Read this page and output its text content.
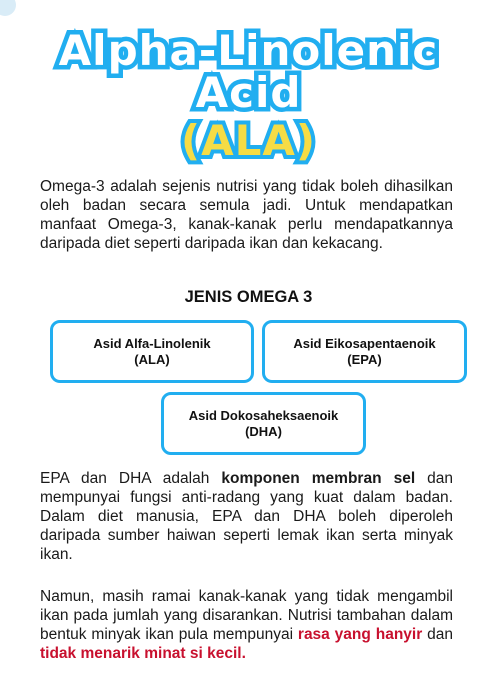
Alpha-Linolenic Acid
(ALA)

Omega-3 adalah sejenis nutrisi yang tidak boleh dihasilkan oleh badan secara semula jadi. Untuk mendapatkan manfaat Omega-3, kanak-kanak perlu mendapatkannya daripada diet seperti daripada ikan dan kekacang.

JENIS OMEGA 3
Asid Alfa-Linolenik
(ALA)
Asid Eikosapentaenoik
(EPA)
Asid Dokosaheksaenoik
(DHA)

EPA dan DHA adalah komponen membran sel dan mempunyai fungsi anti-radang yang kuat dalam badan. Dalam diet manusia, EPA dan DHA boleh diperoleh daripada sumber haiwan seperti lemak ikan serta minyak ikan.

Namun, masih ramai kanak-kanak yang tidak mengambil ikan pada jumlah yang disarankan. Nutrisi tambahan dalam bentuk minyak ikan pula mempunyai rasa yang hanyir dan tidak menarik minat si kecil.
